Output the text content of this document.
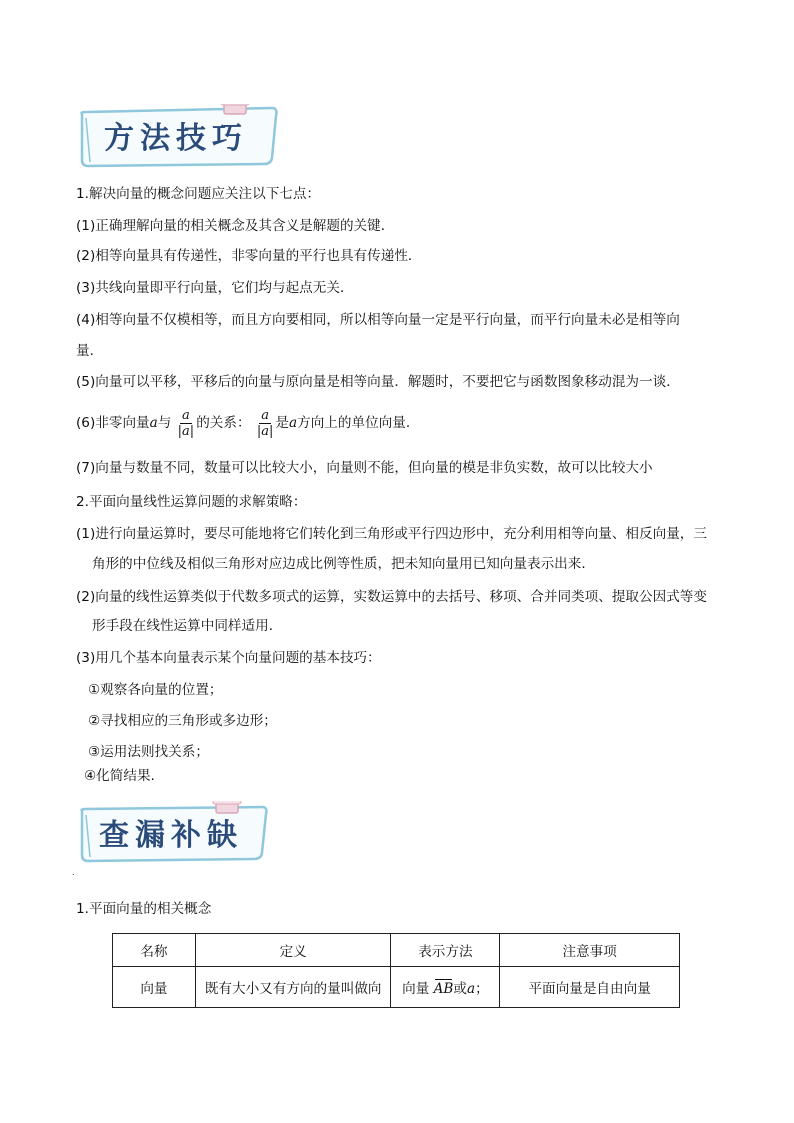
方法技巧
1.解决向量的概念问题应关注以下七点：
(1)正确理解向量的相关概念及其含义是解题的关键．
(2)相等向量具有传递性，非零向量的平行也具有传递性．
(3)共线向量即平行向量，它们均与起点无关．
(4)相等向量不仅模相等，而且方向要相同，所以相等向量一定是平行向量，而平行向量未必是相等向
量．
(5)向量可以平移，平移后的向量与原向量是相等向量．解题时，不要把它与函数图象移动混为一谈．
(6)非零向量a与 $\frac{a}{|a|}$ 的关系： $\frac{a}{|a|}$ 是a方向上的单位向量．
(7)向量与数量不同，数量可以比较大小，向量则不能，但向量的模是非负实数，故可以比较大小
2.平面向量线性运算问题的求解策略：
(1)进行向量运算时，要尽可能地将它们转化到三角形或平行四边形中，充分利用相等向量、相反向量，三
角形的中位线及相似三角形对应边成比例等性质，把未知向量用已知向量表示出来．
(2)向量的线性运算类似于代数多项式的运算，实数运算中的去括号、移项、合并同类项、提取公因式等变
形手段在线性运算中同样适用．
(3)用几个基本向量表示某个向量问题的基本技巧：
①观察各向量的位置；
②寻找相应的三角形或多边形；
③运用法则找关系；
④化简结果.
查漏补缺
.
1.平面向量的相关概念
名称	定义	表示方法	注意事项
向量	既有大小又有方向的量叫做向	向量 AB或a；	平面向量是自由向量
